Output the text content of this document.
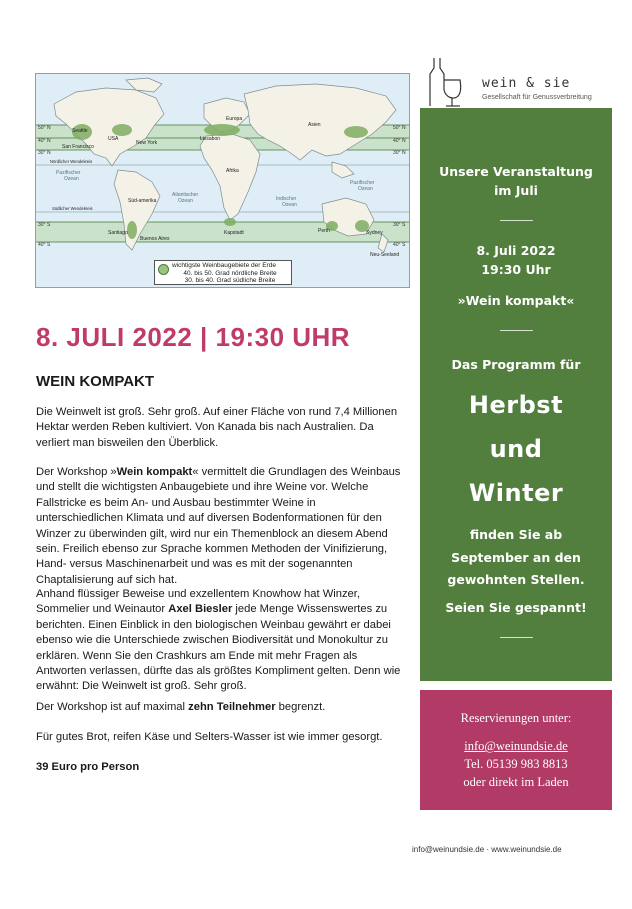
50° N
40° N
30° N
30° S
40° S
50° N
40° N
30° N
30° S
40° S
Seattle
USA
New York
San Francisco
Nördlicher Wendekreis
Pazifischer
Ozean
Südlicher Wendekreis
Santiago
Buenos Aires
Süd-amerika
Atlantischer
Ozean
Kapstadt
Afrika
Lissabon
Europa
Asien
Indischer
Ozean
Perth	Sydney
Neu-Seeland
Pazifischer
Ozean
wichtigste Weinbaugebiete der Erde
40. bis 50. Grad nördliche Breite
30. bis 40. Grad südliche Breite
wein & sie
Gesellschaft für Genussverbreitung
Unsere Veranstaltung
im Juli
8. Juli 2022
19:30 Uhr
»Wein kompakt«
Das Programm für
Herbst
und
Winter
finden Sie ab
September an den
gewohnten Stellen.
Seien Sie gespannt!
Reservierungen unter:
info@weinundsie.de
Tel. 05139 983 8813
oder direkt im Laden
8. JULI 2022 | 19:30 UHR
WEIN KOMPAKT

Die Weinwelt ist groß. Sehr groß. Auf einer Fläche von rund 7,4 Millionen Hektar werden Reben kultiviert. Von Kanada bis nach Australien. Da verliert man bisweilen den Überblick.

Der Workshop »Wein kompakt« vermittelt die Grundlagen des Weinbaus und stellt die wichtigsten Anbaugebiete und ihre Weine vor. Welche Fallstricke es beim An- und Ausbau bestimmter Weine in unterschiedlichen Klimata und auf diversen Bodenformationen für den Winzer zu überwinden gilt, wird nur ein Themenblock an diesem Abend sein. Freilich ebenso zur Sprache kommen Methoden der Vinifizierung, Hand- versus Maschinenarbeit und was es mit der sogenannten Chaptalisierung auf sich hat.

Anhand flüssiger Beweise und exzellentem Knowhow hat Winzer, Sommelier und Weinautor Axel Biesler jede Menge Wissenswertes zu berichten. Einen Einblick in den biologischen Weinbau gewährt er dabei ebenso wie die Unterschiede zwischen Biodiversität und Monokultur zu erklären. Wenn Sie den Crashkurs am Ende mit mehr Fragen als Antworten verlassen, dürfte das als größtes Kompliment gelten. Denn wie erwähnt: Die Weinwelt ist groß. Sehr groß.

Der Workshop ist auf maximal zehn Teilnehmer begrenzt.

Für gutes Brot, reifen Käse und Selters-Wasser ist wie immer gesorgt.

39 Euro pro Person
info@weinundsie.de · www.weinundsie.de
